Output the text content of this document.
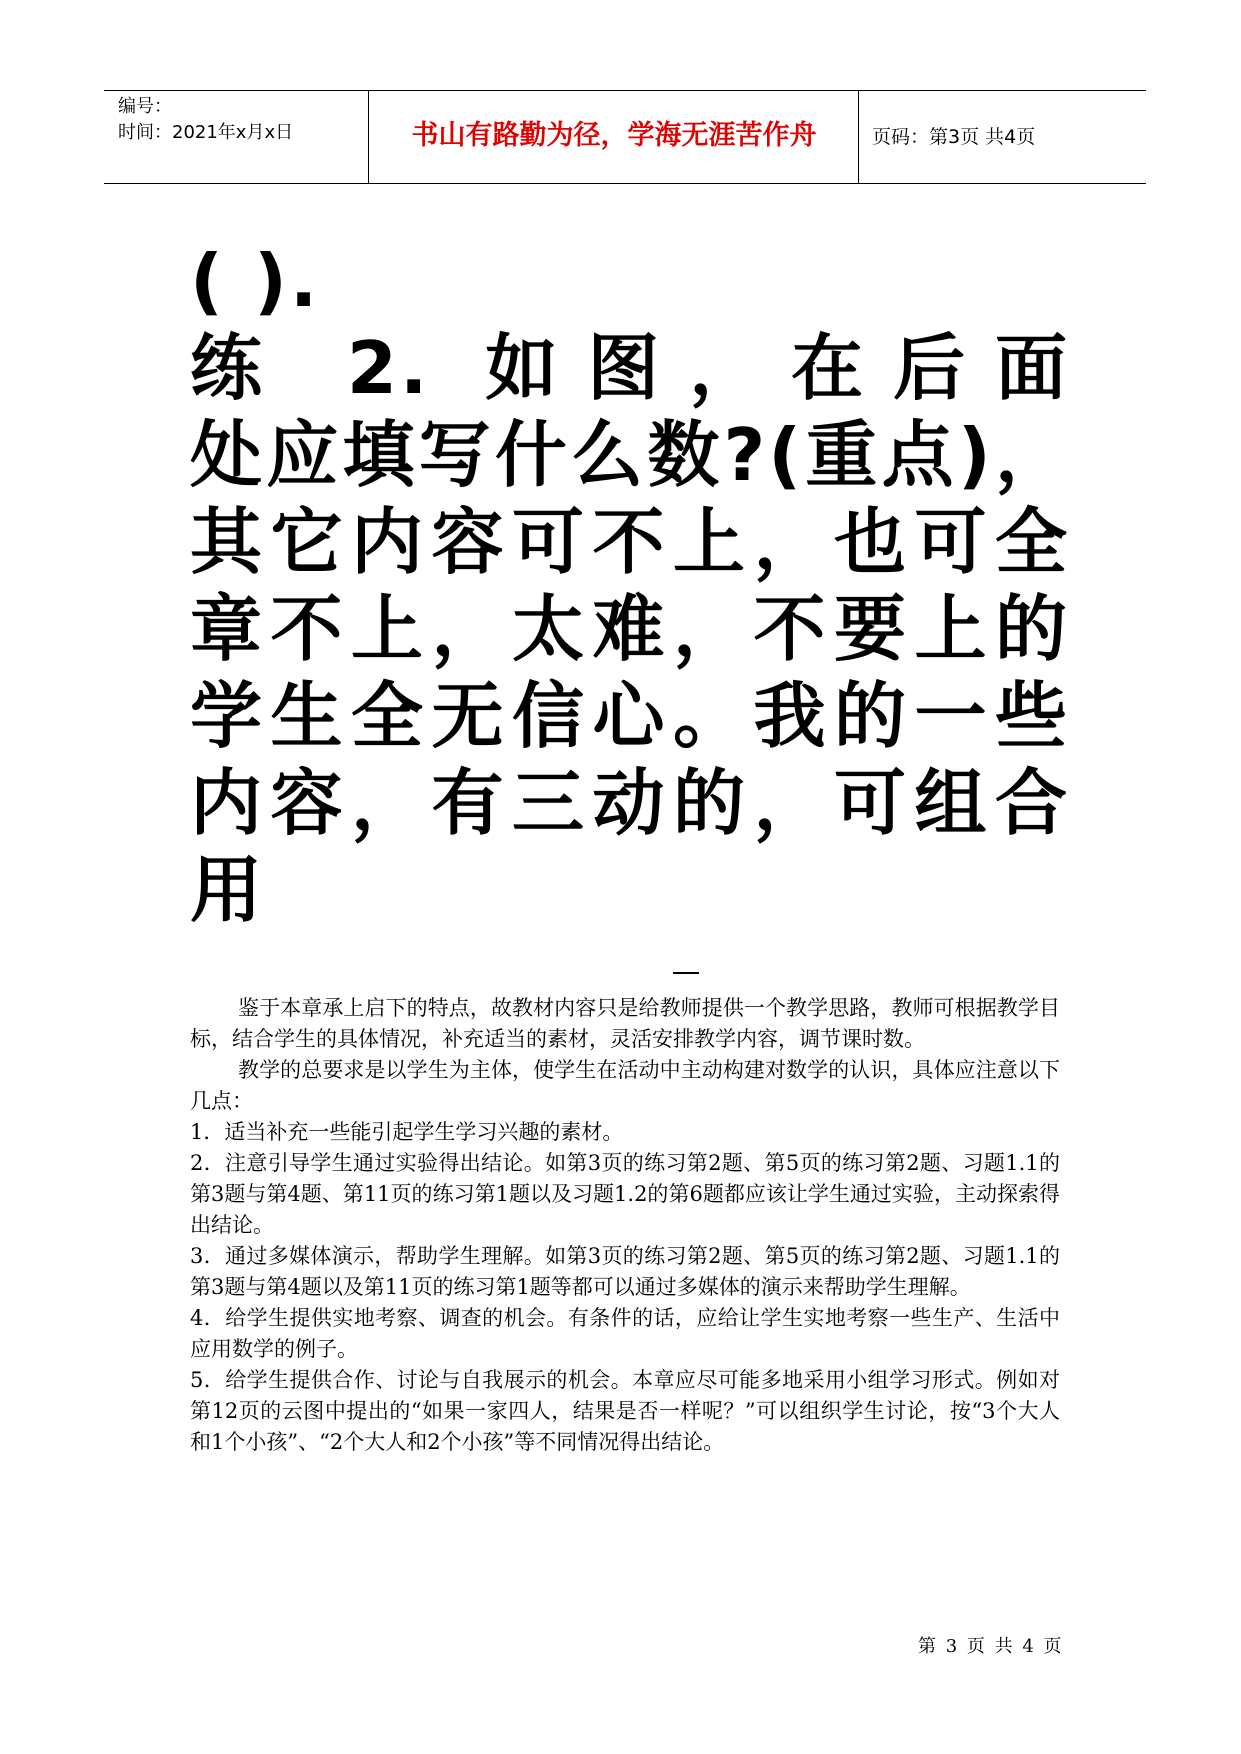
编号：
时间：2021年x月x日	书山有路勤为径，学海无涯苦作舟	页码：第3页 共4页

( ).

练 2. 如图，在后面　　处应填写什么数?(重点)，其它内容可不上，也可全章不上，太难，不要上的学生全无信心。我的一些内容，有三动的，可组合用

鉴于本章承上启下的特点，故教材内容只是给教师提供一个教学思路，教师可根据教学目标，结合学生的具体情况，补充适当的素材，灵活安排教学内容，调节课时数。

教学的总要求是以学生为主体，使学生在活动中主动构建对数学的认识，具体应注意以下几点：

1．适当补充一些能引起学生学习兴趣的素材。

2．注意引导学生通过实验得出结论。如第3页的练习第2题、第5页的练习第2题、习题1.1的第3题与第4题、第11页的练习第1题以及习题1.2的第6题都应该让学生通过实验，主动探索得出结论。

3．通过多媒体演示，帮助学生理解。如第3页的练习第2题、第5页的练习第2题、习题1.1的第3题与第4题以及第11页的练习第1题等都可以通过多媒体的演示来帮助学生理解。

4．给学生提供实地考察、调查的机会。有条件的话，应给让学生实地考察一些生产、生活中应用数学的例子。

5．给学生提供合作、讨论与自我展示的机会。本章应尽可能多地采用小组学习形式。例如对第12页的云图中提出的“如果一家四人，结果是否一样呢？”可以组织学生讨论，按“3个大人和1个小孩”、“2个大人和2个小孩”等不同情况得出结论。

第 3 页 共 4 页
